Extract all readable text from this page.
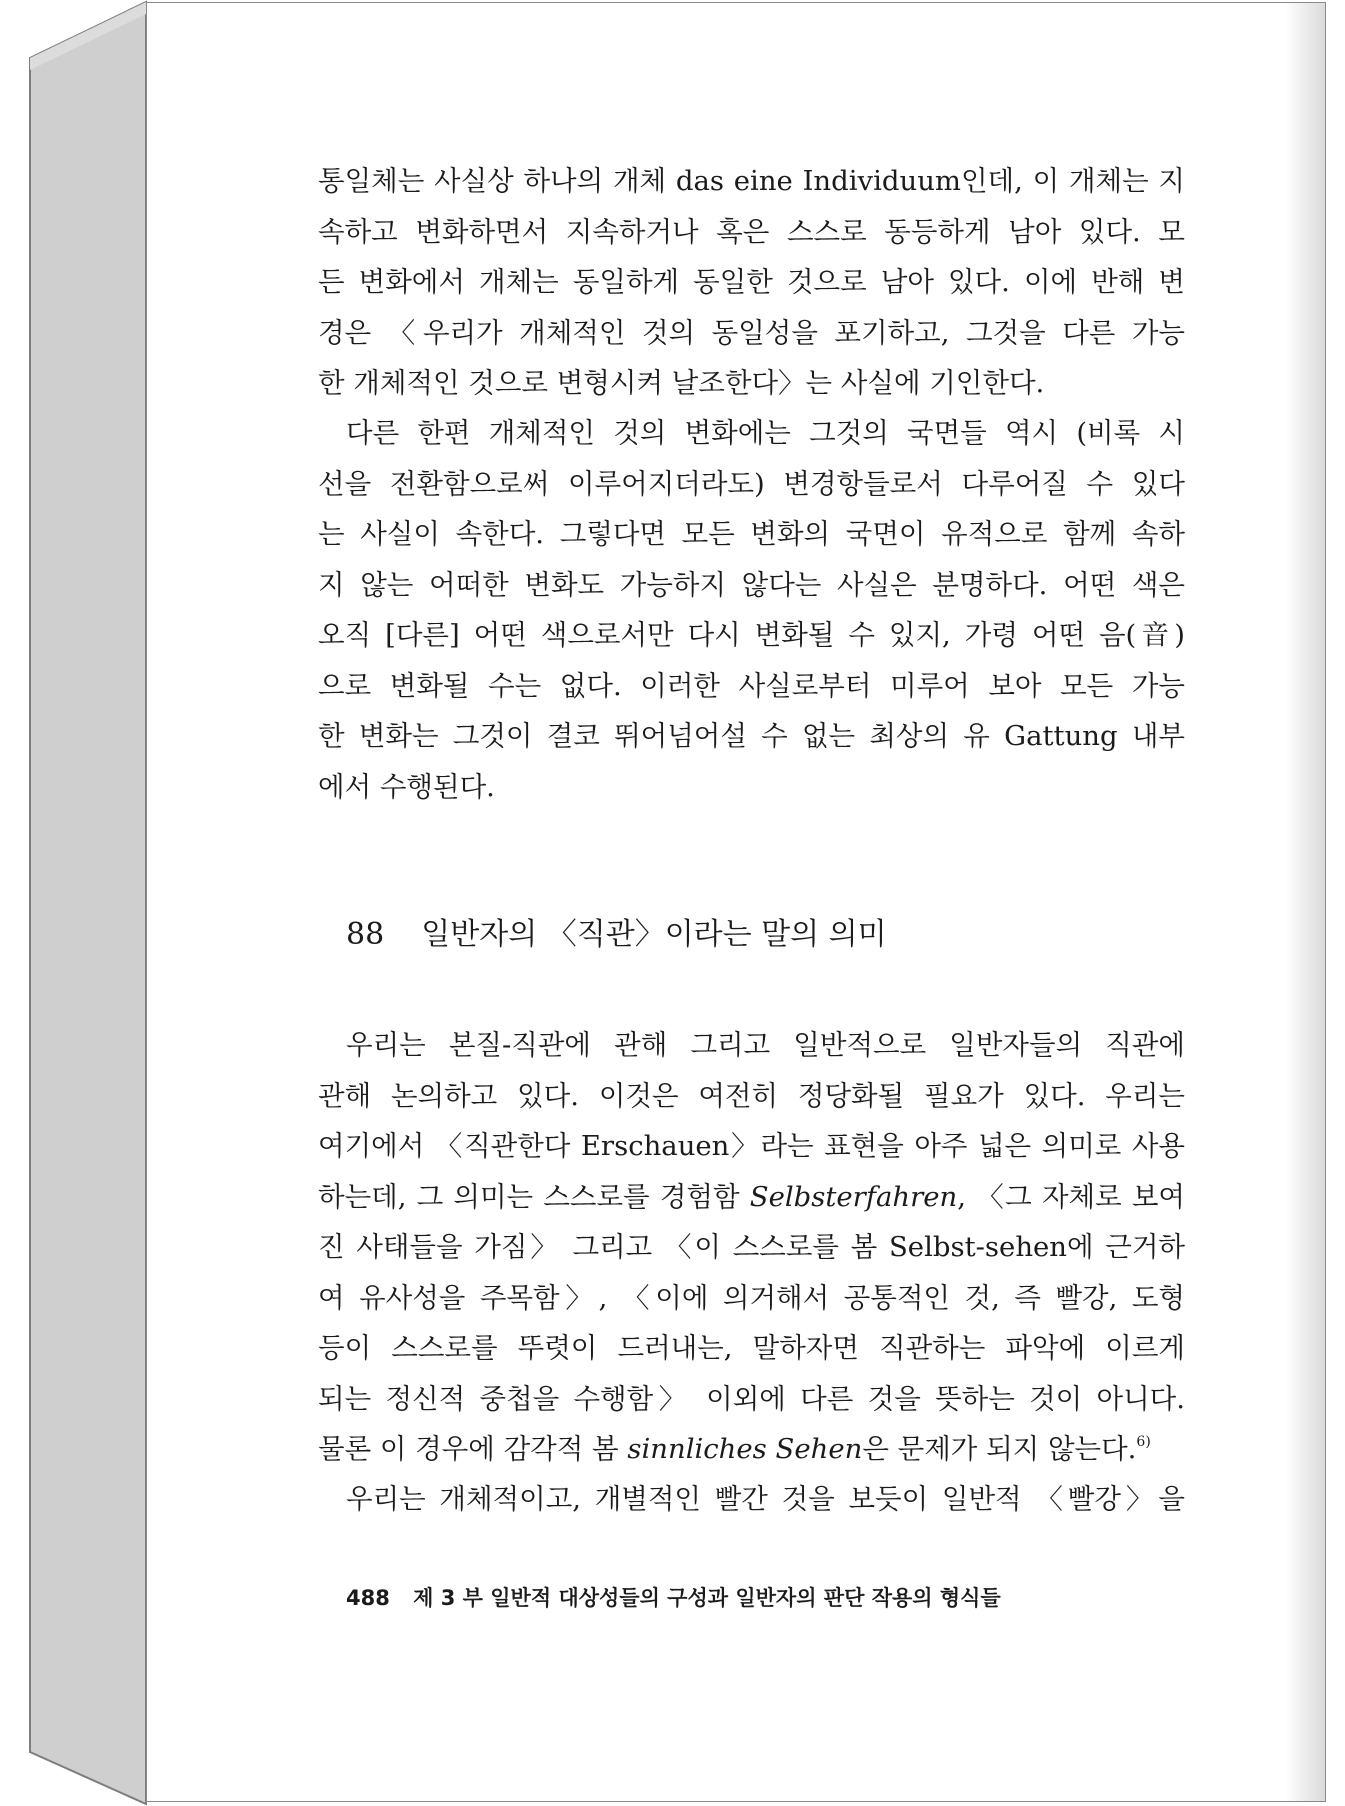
통일체는 사실상 하나의 개체 das eine Individuum인데, 이 개체는 지
속하고 변화하면서 지속하거나 혹은 스스로 동등하게 남아 있다. 모
든 변화에서 개체는 동일하게 동일한 것으로 남아 있다. 이에 반해 변
경은 〈우리가 개체적인 것의 동일성을 포기하고, 그것을 다른 가능
한 개체적인 것으로 변형시켜 날조한다〉는 사실에 기인한다.
다른 한편 개체적인 것의 변화에는 그것의 국면들 역시 (비록 시
선을 전환함으로써 이루어지더라도) 변경항들로서 다루어질 수 있다
는 사실이 속한다. 그렇다면 모든 변화의 국면이 유적으로 함께 속하
지 않는 어떠한 변화도 가능하지 않다는 사실은 분명하다. 어떤 색은
오직 [다른] 어떤 색으로서만 다시 변화될 수 있지, 가령 어떤 음(音)
으로 변화될 수는 없다. 이러한 사실로부터 미루어 보아 모든 가능
한 변화는 그것이 결코 뛰어넘어설 수 없는 최상의 유 Gattung 내부
에서 수행된다.
88 일반자의 〈직관〉이라는 말의 의미
우리는 본질-직관에 관해 그리고 일반적으로 일반자들의 직관에
관해 논의하고 있다. 이것은 여전히 정당화될 필요가 있다. 우리는
여기에서 〈직관한다 Erschauen〉라는 표현을 아주 넓은 의미로 사용
하는데, 그 의미는 스스로를 경험함 Selbsterfahren, 〈그 자체로 보여
진 사태들을 가짐〉 그리고 〈이 스스로를 봄 Selbst-sehen에 근거하
여 유사성을 주목함〉, 〈이에 의거해서 공통적인 것, 즉 빨강, 도형
등이 스스로를 뚜렷이 드러내는, 말하자면 직관하는 파악에 이르게
되는 정신적 중첩을 수행함〉 이외에 다른 것을 뜻하는 것이 아니다.
물론 이 경우에 감각적 봄 sinnliches Sehen은 문제가 되지 않는다.$^{6)}$
우리는 개체적이고, 개별적인 빨간 것을 보듯이 일반적 〈빨강〉을
488 제 3 부 일반적 대상성들의 구성과 일반자의 판단 작용의 형식들
